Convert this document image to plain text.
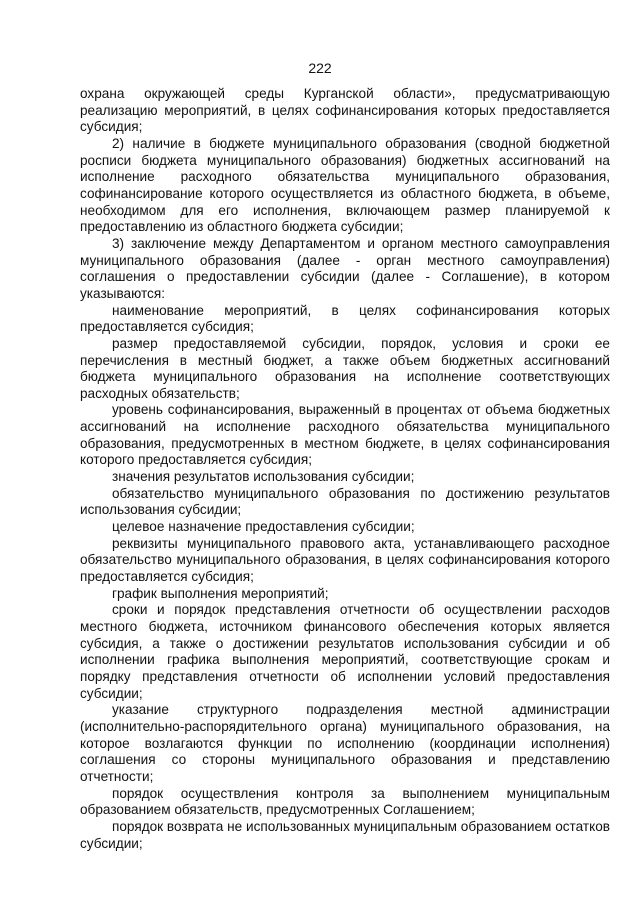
222

охрана окружающей среды Курганской области», предусматривающую реализацию мероприятий, в целях софинансирования которых предоставляется субсидия;

2) наличие в бюджете муниципального образования (сводной бюджетной росписи бюджета муниципального образования) бюджетных ассигнований на исполнение расходного обязательства муниципального образования, софинансирование которого осуществляется из областного бюджета, в объеме, необходимом для его исполнения, включающем размер планируемой к предоставлению из областного бюджета субсидии;

3) заключение между Департаментом и органом местного самоуправления муниципального образования (далее - орган местного самоуправления) соглашения о предоставлении субсидии (далее - Соглашение), в котором указываются:

наименование мероприятий, в целях софинансирования которых предоставляется субсидия;

размер предоставляемой субсидии, порядок, условия и сроки ее перечисления в местный бюджет, а также объем бюджетных ассигнований бюджета муниципального образования на исполнение соответствующих расходных обязательств;

уровень софинансирования, выраженный в процентах от объема бюджетных ассигнований на исполнение расходного обязательства муниципального образования, предусмотренных в местном бюджете, в целях софинансирования которого предоставляется субсидия;

значения результатов использования субсидии;

обязательство муниципального образования по достижению результатов использования субсидии;

целевое назначение предоставления субсидии;

реквизиты муниципального правового акта, устанавливающего расходное обязательство муниципального образования, в целях софинансирования которого предоставляется субсидия;

график выполнения мероприятий;

сроки и порядок представления отчетности об осуществлении расходов местного бюджета, источником финансового обеспечения которых является субсидия, а также о достижении результатов использования субсидии и об исполнении графика выполнения мероприятий, соответствующие срокам и порядку представления отчетности об исполнении условий предоставления субсидии;

указание структурного подразделения местной администрации (исполнительно-распорядительного органа) муниципального образования, на которое возлагаются функции по исполнению (координации исполнения) соглашения со стороны муниципального образования и представлению отчетности;

порядок осуществления контроля за выполнением муниципальным образованием обязательств, предусмотренных Соглашением;

порядок возврата не использованных муниципальным образованием остатков субсидии;
